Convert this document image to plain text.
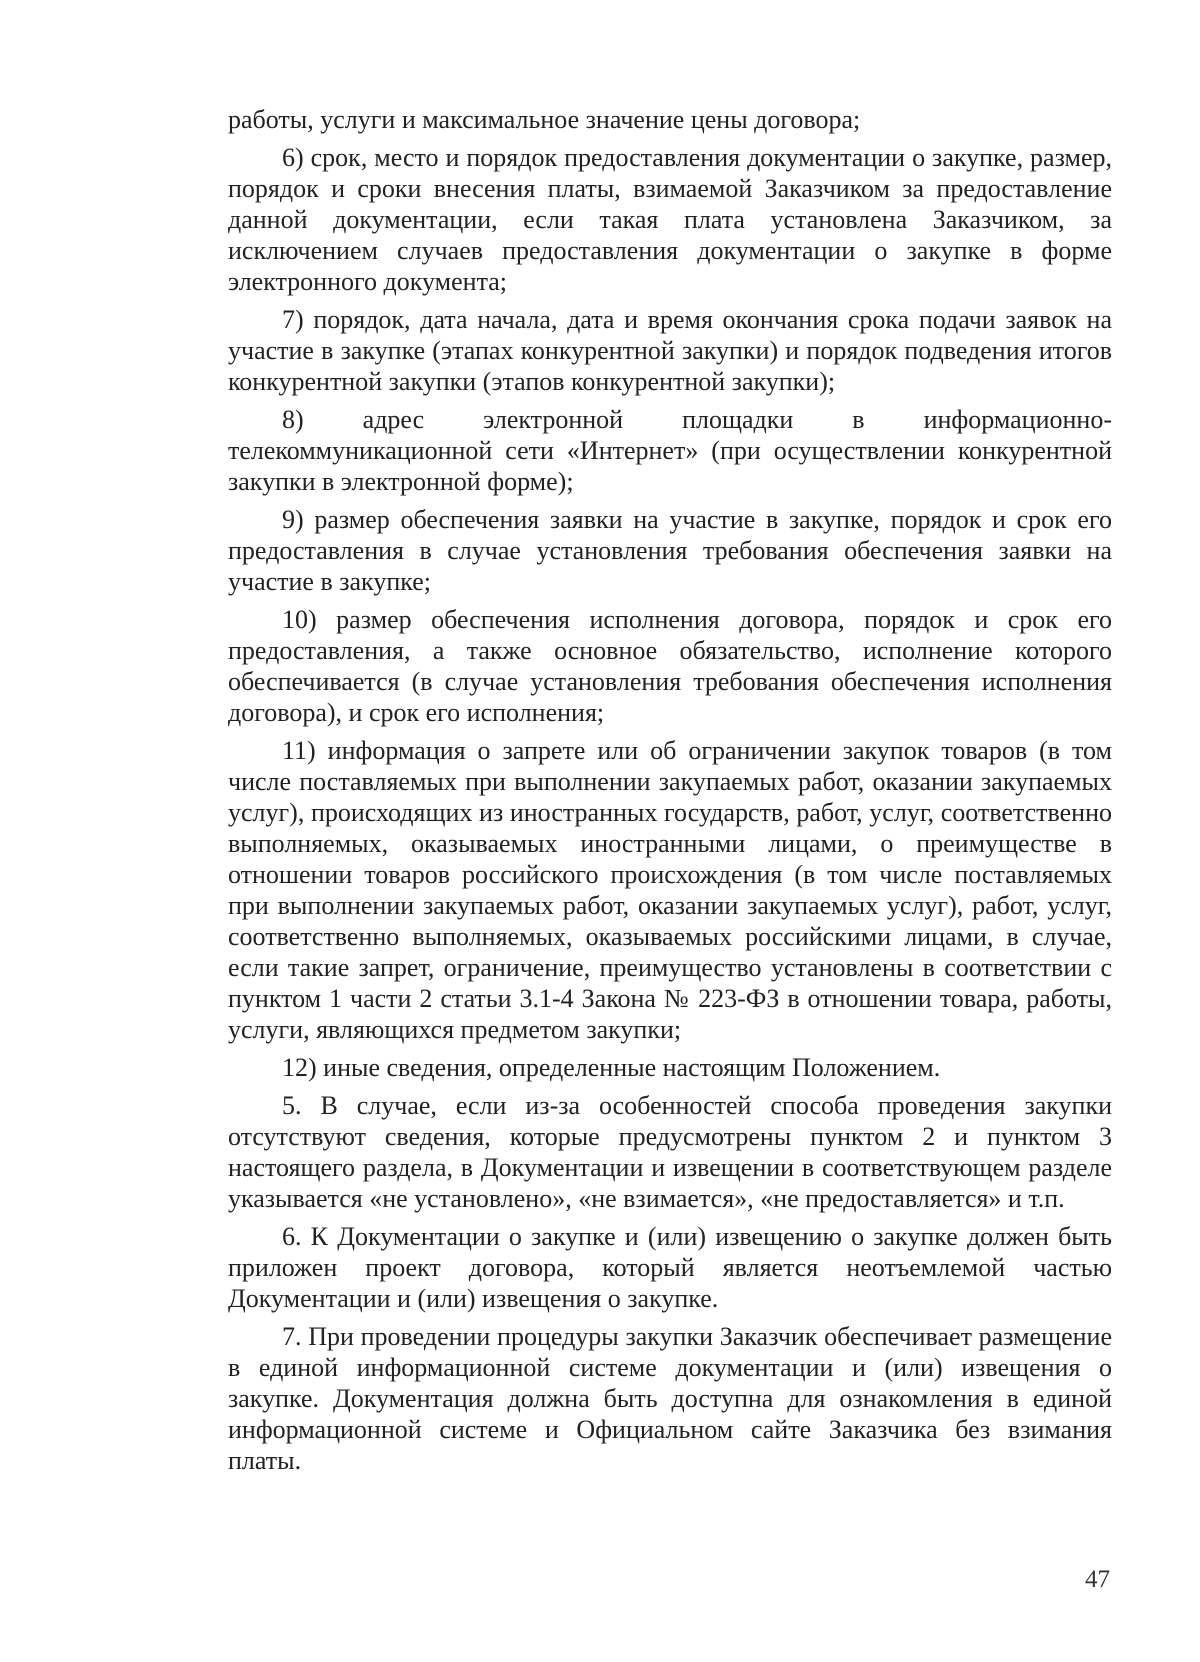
работы, услуги и максимальное значение цены договора;

6) срок, место и порядок предоставления документации о закупке, размер, порядок и сроки внесения платы, взимаемой Заказчиком за предоставление данной документации, если такая плата установлена Заказчиком, за исключением случаев предоставления документации о закупке в форме электронного документа;

7) порядок, дата начала, дата и время окончания срока подачи заявок на участие в закупке (этапах конкурентной закупки) и порядок подведения итогов конкурентной закупки (этапов конкурентной закупки);

8) адрес электронной площадки в информационно-телекоммуникационной сети «Интернет» (при осуществлении конкурентной закупки в электронной форме);

9) размер обеспечения заявки на участие в закупке, порядок и срок его предоставления в случае установления требования обеспечения заявки на участие в закупке;

10) размер обеспечения исполнения договора, порядок и срок его предоставления, а также основное обязательство, исполнение которого обеспечивается (в случае установления требования обеспечения исполнения договора), и срок его исполнения;

11) информация о запрете или об ограничении закупок товаров (в том числе поставляемых при выполнении закупаемых работ, оказании закупаемых услуг), происходящих из иностранных государств, работ, услуг, соответственно выполняемых, оказываемых иностранными лицами, о преимуществе в отношении товаров российского происхождения (в том числе поставляемых при выполнении закупаемых работ, оказании закупаемых услуг), работ, услуг, соответственно выполняемых, оказываемых российскими лицами, в случае, если такие запрет, ограничение, преимущество установлены в соответствии с пунктом 1 части 2 статьи 3.1-4 Закона № 223-ФЗ в отношении товара, работы, услуги, являющихся предметом закупки;

12) иные сведения, определенные настоящим Положением.

5. В случае, если из-за особенностей способа проведения закупки отсутствуют сведения, которые предусмотрены пунктом 2 и пунктом 3 настоящего раздела, в Документации и извещении в соответствующем разделе указывается «не установлено», «не взимается», «не предоставляется» и т.п.

6. К Документации о закупке и (или) извещению о закупке должен быть приложен проект договора, который является неотъемлемой частью Документации и (или) извещения о закупке.

7. При проведении процедуры закупки Заказчик обеспечивает размещение в единой информационной системе документации и (или) извещения о закупке. Документация должна быть доступна для ознакомления в единой информационной системе и Официальном сайте Заказчика без взимания платы.

47
